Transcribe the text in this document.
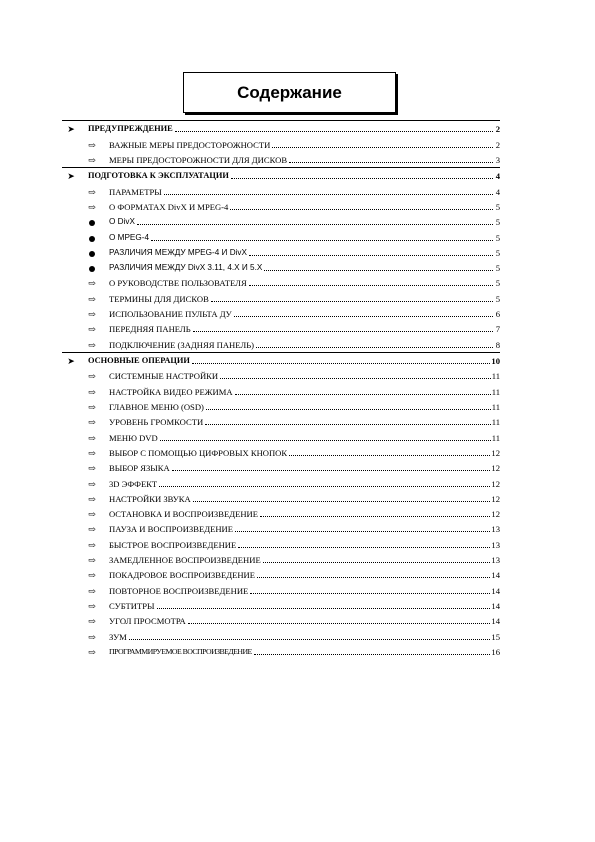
Содержание
➤ ПРЕДУПРЕЖДЕНИЕ	2
⇨ ВАЖНЫЕ МЕРЫ ПРЕДОСТОРОЖНОСТИ	2
⇨ МЕРЫ ПРЕДОСТОРОЖНОСТИ ДЛЯ ДИСКОВ	3
➤ ПОДГОТОВКА К ЭКСПЛУАТАЦИИ	4
⇨ ПАРАМЕТРЫ	4
⇨ О ФОРМАТАХ DivX И MPEG-4	5
О DivX	5
О MPEG-4	5
РАЗЛИЧИЯ МЕЖДУ MPEG-4 И DivX	5
РАЗЛИЧИЯ МЕЖДУ DivX 3.11, 4.X И 5.X	5
⇨ О РУКОВОДСТВЕ ПОЛЬЗОВАТЕЛЯ	5
⇨ ТЕРМИНЫ ДЛЯ ДИСКОВ	5
⇨ ИСПОЛЬЗОВАНИЕ ПУЛЬТА ДУ	6
⇨ ПЕРЕДНЯЯ ПАНЕЛЬ	7
⇨ ПОДКЛЮЧЕНИЕ (ЗАДНЯЯ ПАНЕЛЬ)	8
➤ ОСНОВНЫЕ ОПЕРАЦИИ	10
⇨ СИСТЕМНЫЕ НАСТРОЙКИ	11
⇨ НАСТРОЙКА ВИДЕО РЕЖИМА	11
⇨ ГЛАВНОЕ МЕНЮ (OSD)	11
⇨ УРОВЕНЬ ГРОМКОСТИ	11
⇨ МЕНЮ DVD	11
⇨ ВЫБОР С ПОМОЩЬЮ ЦИФРОВЫХ КНОПОК	12
⇨ ВЫБОР ЯЗЫКА	12
⇨ 3D ЭФФЕКТ	12
⇨ НАСТРОЙКИ ЗВУКА	12
⇨ ОСТАНОВКА И ВОСПРОИЗВЕДЕНИЕ	12
⇨ ПАУЗА И ВОСПРОИЗВЕДЕНИЕ	13
⇨ БЫСТРОЕ ВОСПРОИЗВЕДЕНИЕ	13
⇨ ЗАМЕДЛЕННОЕ ВОСПРОИЗВЕДЕНИЕ	13
⇨ ПОКАДРОВОЕ ВОСПРОИЗВЕДЕНИЕ	14
⇨ ПОВТОРНОЕ ВОСПРОИЗВЕДЕНИЕ	14
⇨ СУБТИТРЫ	14
⇨ УГОЛ ПРОСМОТРА	14
⇨ ЗУМ	15
⇨ ПРОГРАММИРУЕМОЕ ВОСПРОИЗВЕДЕНИЕ	16
